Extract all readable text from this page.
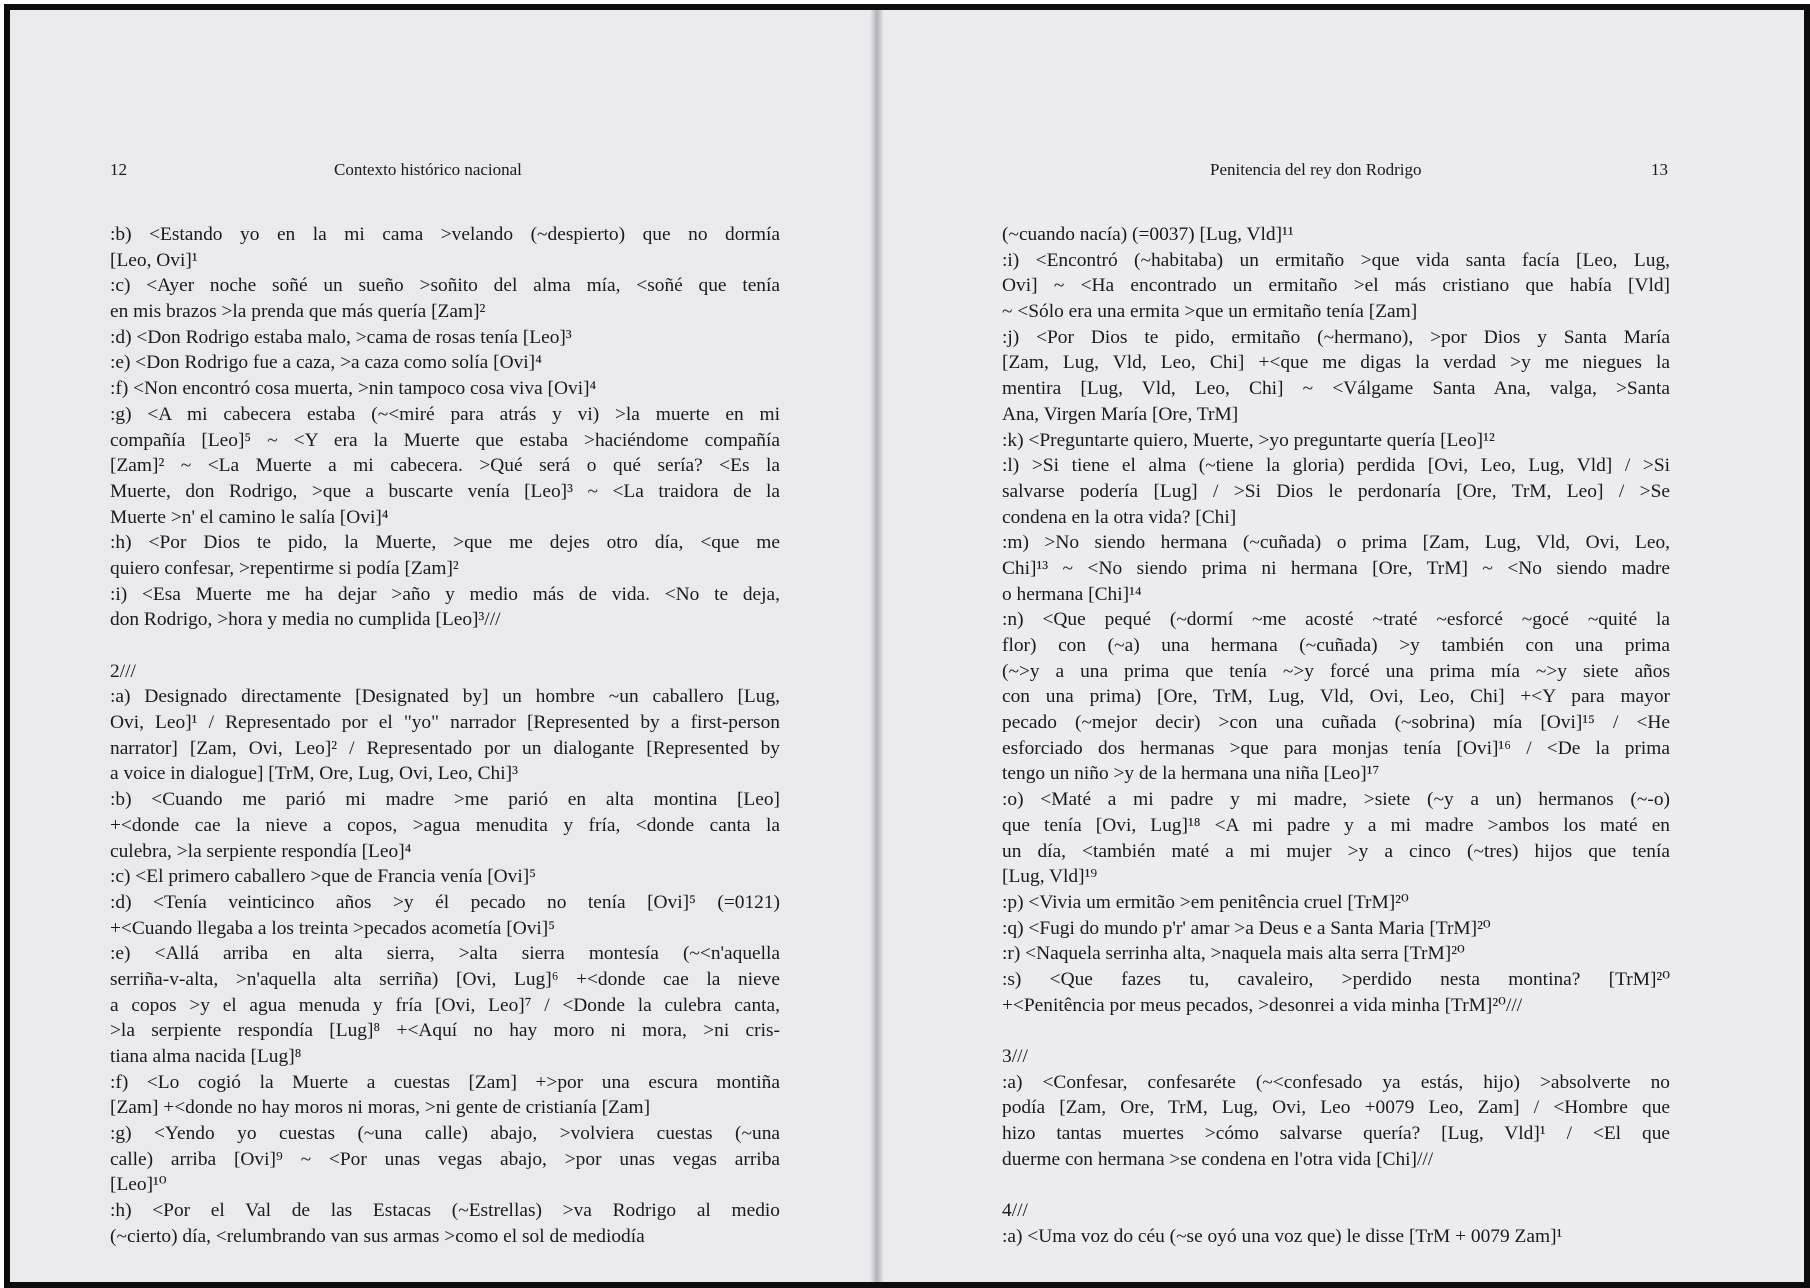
12	Contexto histórico nacional
:b) <Estando yo en la mi cama >velando (~despierto) que no dormía
[Leo, Ovi]¹
:c) <Ayer noche soñé un sueño >soñito del alma mía, <soñé que tenía
en mis brazos >la prenda que más quería [Zam]²
:d) <Don Rodrigo estaba malo, >cama de rosas tenía [Leo]³
:e) <Don Rodrigo fue a caza, >a caza como solía [Ovi]⁴
:f) <Non encontró cosa muerta, >nin tampoco cosa viva [Ovi]⁴
:g) <A mi cabecera estaba (~<miré para atrás y vi) >la muerte en mi
compañía [Leo]⁵ ~ <Y era la Muerte que estaba >haciéndome compañía
[Zam]² ~ <La Muerte a mi cabecera. >Qué será o qué sería? <Es la
Muerte, don Rodrigo, >que a buscarte venía [Leo]³ ~ <La traidora de la
Muerte >n' el camino le salía [Ovi]⁴
:h) <Por Dios te pido, la Muerte, >que me dejes otro día, <que me
quiero confesar, >repentirme si podía [Zam]²
:i) <Esa Muerte me ha dejar >año y medio más de vida. <No te deja,
don Rodrigo, >hora y media no cumplida [Leo]³///
2///
:a) Designado directamente [Designated by] un hombre ~un caballero [Lug,
Ovi, Leo]¹ / Representado por el "yo" narrador [Represented by a first-person
narrator] [Zam, Ovi, Leo]² / Representado por un dialogante [Represented by
a voice in dialogue] [TrM, Ore, Lug, Ovi, Leo, Chi]³
:b) <Cuando me parió mi madre >me parió en alta montina [Leo]
+<donde cae la nieve a copos, >agua menudita y fría, <donde canta la
culebra, >la serpiente respondía [Leo]⁴
:c) <El primero caballero >que de Francia venía [Ovi]⁵
:d) <Tenía veinticinco años >y él pecado no tenía [Ovi]⁵ (=0121)
+<Cuando llegaba a los treinta >pecados acometía [Ovi]⁵
:e) <Allá arriba en alta sierra, >alta sierra montesía (~<n'aquella
serriña-v-alta, >n'aquella alta serriña) [Ovi, Lug]⁶ +<donde cae la nieve
a copos >y el agua menuda y fría [Ovi, Leo]⁷ / <Donde la culebra canta,
>la serpiente respondía [Lug]⁸ +<Aquí no hay moro ni mora, >ni cris-
tiana alma nacida [Lug]⁸
:f) <Lo cogió la Muerte a cuestas [Zam] +>por una escura montiña
[Zam] +<donde no hay moros ni moras, >ni gente de cristianía [Zam]
:g) <Yendo yo cuestas (~una calle) abajo, >volviera cuestas (~una
calle) arriba [Ovi]⁹ ~ <Por unas vegas abajo, >por unas vegas arriba
[Leo]¹⁰
:h) <Por el Val de las Estacas (~Estrellas) >va Rodrigo al medio
(~cierto) día, <relumbrando van sus armas >como el sol de mediodía
Penitencia del rey don Rodrigo	13
(~cuando nacía) (=0037) [Lug, Vld]¹¹
:i) <Encontró (~habitaba) un ermitaño >que vida santa facía [Leo, Lug,
Ovi] ~ <Ha encontrado un ermitaño >el más cristiano que había [Vld]
~ <Sólo era una ermita >que un ermitaño tenía [Zam]
:j) <Por Dios te pido, ermitaño (~hermano), >por Dios y Santa María
[Zam, Lug, Vld, Leo, Chi] +<que me digas la verdad >y me niegues la
mentira [Lug, Vld, Leo, Chi] ~ <Válgame Santa Ana, valga, >Santa
Ana, Virgen María [Ore, TrM]
:k) <Preguntarte quiero, Muerte, >yo preguntarte quería [Leo]¹²
:l) >Si tiene el alma (~tiene la gloria) perdida [Ovi, Leo, Lug, Vld] / >Si
salvarse podería [Lug] / >Si Dios le perdonaría [Ore, TrM, Leo] / >Se
condena en la otra vida? [Chi]
:m) >No siendo hermana (~cuñada) o prima [Zam, Lug, Vld, Ovi, Leo,
Chi]¹³ ~ <No siendo prima ni hermana [Ore, TrM] ~ <No siendo madre
o hermana [Chi]¹⁴
:n) <Que pequé (~dormí ~me acosté ~traté ~esforcé ~gocé ~quité la
flor) con (~a) una hermana (~cuñada) >y también con una prima
(~>y a una prima que tenía ~>y forcé una prima mía ~>y siete años
con una prima) [Ore, TrM, Lug, Vld, Ovi, Leo, Chi] +<Y para mayor
pecado (~mejor decir) >con una cuñada (~sobrina) mía [Ovi]¹⁵ / <He
esforciado dos hermanas >que para monjas tenía [Ovi]¹⁶ / <De la prima
tengo un niño >y de la hermana una niña [Leo]¹⁷
:o) <Maté a mi padre y mi madre, >siete (~y a un) hermanos (~-o)
que tenía [Ovi, Lug]¹⁸ <A mi padre y a mi madre >ambos los maté en
un día, <también maté a mi mujer >y a cinco (~tres) hijos que tenía
[Lug, Vld]¹⁹
:p) <Vivia um ermitão >em penitência cruel [TrM]²⁰
:q) <Fugi do mundo p'r' amar >a Deus e a Santa Maria [TrM]²⁰
:r) <Naquela serrinha alta, >naquela mais alta serra [TrM]²⁰
:s) <Que fazes tu, cavaleiro, >perdido nesta montina? [TrM]²⁰
+<Penitência por meus pecados, >desonrei a vida minha [TrM]²⁰///
3///
:a) <Confesar, confesaréte (~<confesado ya estás, hijo) >absolverte no
podía [Zam, Ore, TrM, Lug, Ovi, Leo +0079 Leo, Zam] / <Hombre que
hizo tantas muertes >cómo salvarse quería? [Lug, Vld]¹ / <El que
duerme con hermana >se condena en l'otra vida [Chi]///
4///
:a) <Uma voz do céu (~se oyó una voz que) le disse [TrM + 0079 Zam]¹
